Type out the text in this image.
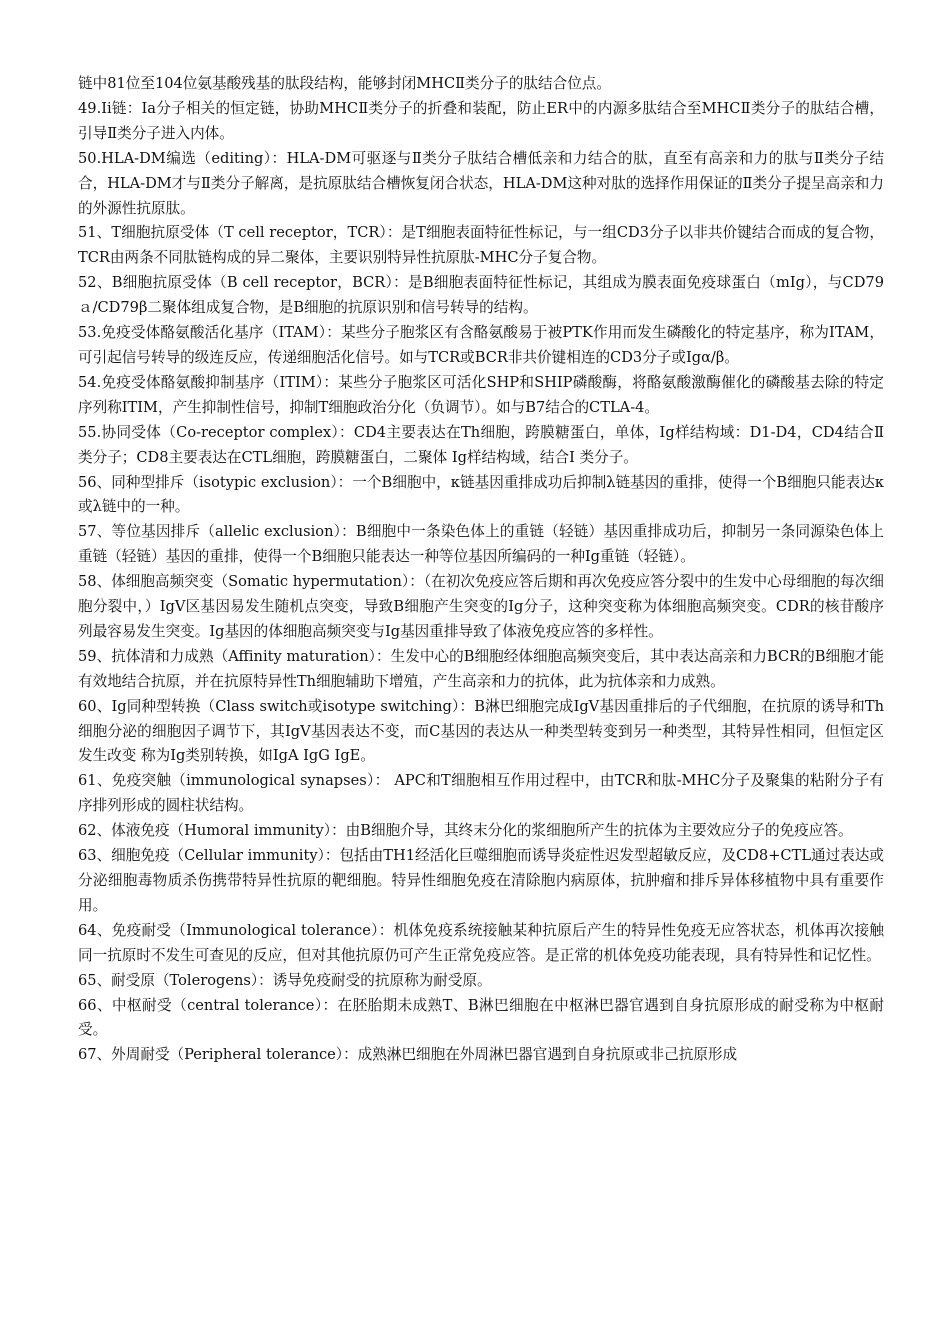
链中81位至104位氨基酸残基的肽段结构，能够封闭MHCⅡ类分子的肽结合位点。

49.Ii链：Ia分子相关的恒定链，协助MHCⅡ类分子的折叠和装配，防止ER中的内源多肽结合至MHCⅡ类分子的肽结合槽，引导Ⅱ类分子进入内体。

50.HLA-DM编选（editing）：HLA-DM可驱逐与Ⅱ类分子肽结合槽低亲和力结合的肽，直至有高亲和力的肽与Ⅱ类分子结合，HLA-DM才与Ⅱ类分子解离，是抗原肽结合槽恢复闭合状态，HLA-DM这种对肽的选择作用保证的Ⅱ类分子提呈高亲和力的外源性抗原肽。

51、T细胞抗原受体（T cell receptor，TCR）：是T细胞表面特征性标记，与一组CD3分子以非共价键结合而成的复合物，TCR由两条不同肽链构成的异二聚体，主要识别特异性抗原肽-MHC分子复合物。

52、B细胞抗原受体（B cell receptor，BCR）：是B细胞表面特征性标记，其组成为膜表面免疫球蛋白（mIg），与CD79ａ/CD79β二聚体组成复合物，是B细胞的抗原识别和信号转导的结构。

53.免疫受体酪氨酸活化基序（ITAM）：某些分子胞浆区有含酪氨酸易于被PTK作用而发生磷酸化的特定基序，称为ITAM，可引起信号转导的级连反应，传递细胞活化信号。如与TCR或BCR非共价键相连的CD3分子或Igα/β。

54.免疫受体酪氨酸抑制基序（ITIM）：某些分子胞浆区可活化SHP和SHIP磷酸酶，将酪氨酸激酶催化的磷酸基去除的特定序列称ITIM，产生抑制性信号，抑制T细胞政治分化（负调节）。如与B7结合的CTLA-4。

55.协同受体（Co-receptor complex）：CD4主要表达在Th细胞，跨膜糖蛋白，单体，Ig样结构域：D1-D4，CD4结合Ⅱ类分子；CD8主要表达在CTL细胞，跨膜糖蛋白，二聚体 Ig样结构域，结合Ⅰ 类分子。

56、同种型排斥（isotypic exclusion）：一个B细胞中，κ链基因重排成功后抑制λ链基因的重排，使得一个B细胞只能表达κ或λ链中的一种。

57、等位基因排斥（allelic exclusion）：B细胞中一条染色体上的重链（轻链）基因重排成功后，抑制另一条同源染色体上重链（轻链）基因的重排，使得一个B细胞只能表达一种等位基因所编码的一种Ig重链（轻链）。

58、体细胞高频突变（Somatic hypermutation）：（在初次免疫应答后期和再次免疫应答分裂中的生发中心母细胞的每次细胞分裂中，）IgV区基因易发生随机点突变，导致B细胞产生突变的Ig分子，这种突变称为体细胞高频突变。CDR的核苷酸序列最容易发生突变。Ig基因的体细胞高频突变与Ig基因重排导致了体液免疫应答的多样性。

59、抗体清和力成熟（Affinity maturation）：生发中心的B细胞经体细胞高频突变后，其中表达高亲和力BCR的B细胞才能有效地结合抗原，并在抗原特异性Th细胞辅助下增殖，产生高亲和力的抗体，此为抗体亲和力成熟。

60、Ig同种型转换（Class switch或isotype switching）：B淋巴细胞完成IgV基因重排后的子代细胞，在抗原的诱导和Th细胞分泌的细胞因子调节下，其IgV基因表达不变，而C基因的表达从一种类型转变到另一种类型，其特异性相同，但恒定区发生改变 称为Ig类别转换，如IgA IgG IgE。

61、免疫突触（immunological synapses）： APC和T细胞相互作用过程中，由TCR和肽-MHC分子及聚集的粘附分子有序排列形成的圆柱状结构。

62、体液免疫（Humoral immunity）：由B细胞介导，其终末分化的浆细胞所产生的抗体为主要效应分子的免疫应答。

63、细胞免疫（Cellular immunity）：包括由TH1经活化巨噬细胞而诱导炎症性迟发型超敏反应，及CD8+CTL通过表达或分泌细胞毒物质杀伤携带特异性抗原的靶细胞。特异性细胞免疫在清除胞内病原体，抗肿瘤和排斥异体移植物中具有重要作用。

64、免疫耐受（Immunological tolerance）：机体免疫系统接触某种抗原后产生的特异性免疫无应答状态，机体再次接触同一抗原时不发生可查见的反应，但对其他抗原仍可产生正常免疫应答。是正常的机体免疫功能表现，具有特异性和记忆性。

65、耐受原（Tolerogens）：诱导免疫耐受的抗原称为耐受原。

66、中枢耐受（central tolerance）：在胚胎期未成熟T、B淋巴细胞在中枢淋巴器官遇到自身抗原形成的耐受称为中枢耐受。

67、外周耐受（Peripheral tolerance）：成熟淋巴细胞在外周淋巴器官遇到自身抗原或非己抗原形成
